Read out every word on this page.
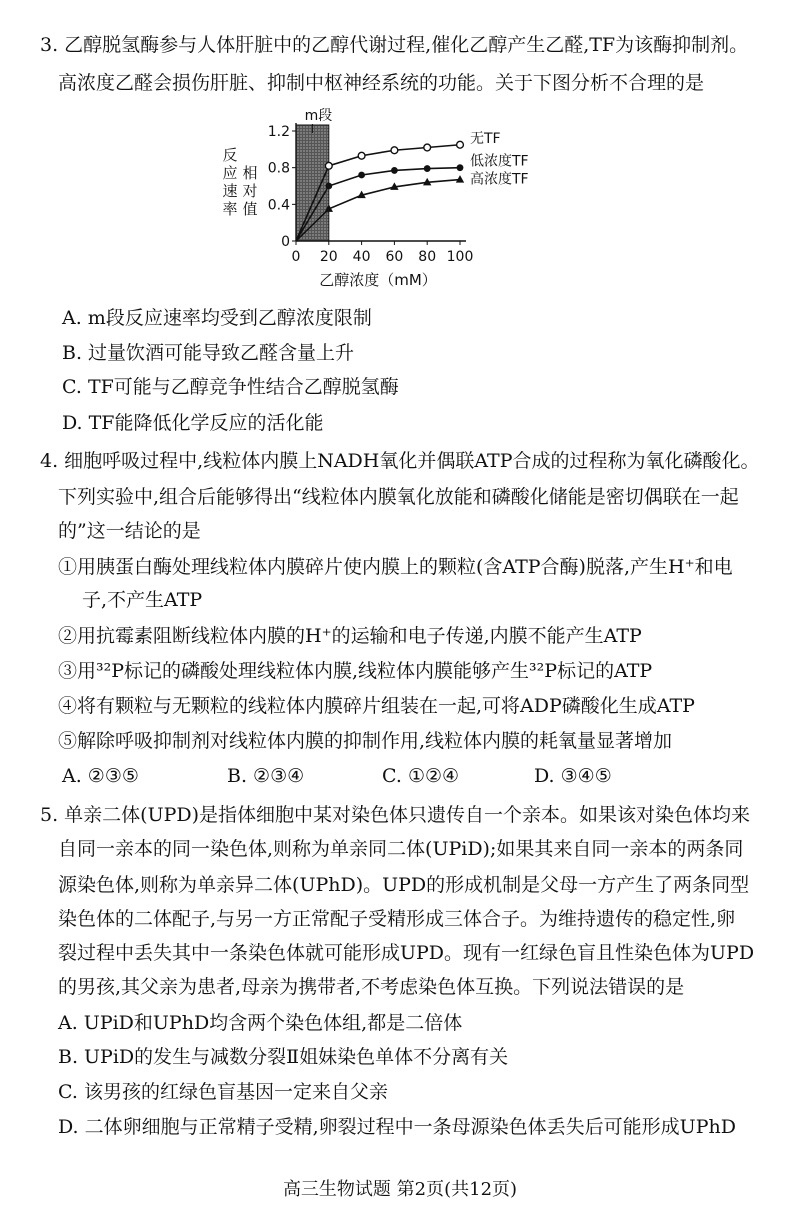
3. 乙醇脱氢酶参与人体肝脏中的乙醇代谢过程,催化乙醇产生乙醛,TF为该酶抑制剂。
高浓度乙醛会损伤肝脏、抑制中枢神经系统的功能。关于下图分析不合理的是
m段
0
0.4
0.8
1.2
0 20 40 60 80 100
乙醇浓度（mM）
反
应
速
率
相
对
值
无TF
低浓度TF
高浓度TF
A. m段反应速率均受到乙醇浓度限制
B. 过量饮酒可能导致乙醛含量上升
C. TF可能与乙醇竞争性结合乙醇脱氢酶
D. TF能降低化学反应的活化能
4. 细胞呼吸过程中,线粒体内膜上NADH氧化并偶联ATP合成的过程称为氧化磷酸化。
下列实验中,组合后能够得出“线粒体内膜氧化放能和磷酸化储能是密切偶联在一起
的”这一结论的是
①用胰蛋白酶处理线粒体内膜碎片使内膜上的颗粒(含ATP合酶)脱落,产生H⁺和电
子,不产生ATP
②用抗霉素阻断线粒体内膜的H⁺的运输和电子传递,内膜不能产生ATP
③用³²P标记的磷酸处理线粒体内膜,线粒体内膜能够产生³²P标记的ATP
④将有颗粒与无颗粒的线粒体内膜碎片组装在一起,可将ADP磷酸化生成ATP
⑤解除呼吸抑制剂对线粒体内膜的抑制作用,线粒体内膜的耗氧量显著增加
A. ②③⑤	B. ②③④	C. ①②④	D. ③④⑤
5. 单亲二体(UPD)是指体细胞中某对染色体只遗传自一个亲本。如果该对染色体均来
自同一亲本的同一染色体,则称为单亲同二体(UPiD);如果其来自同一亲本的两条同
源染色体,则称为单亲异二体(UPhD)。UPD的形成机制是父母一方产生了两条同型
染色体的二体配子,与另一方正常配子受精形成三体合子。为维持遗传的稳定性,卵
裂过程中丢失其中一条染色体就可能形成UPD。现有一红绿色盲且性染色体为UPD
的男孩,其父亲为患者,母亲为携带者,不考虑染色体互换。下列说法错误的是
A. UPiD和UPhD均含两个染色体组,都是二倍体
B. UPiD的发生与减数分裂Ⅱ姐妹染色单体不分离有关
C. 该男孩的红绿色盲基因一定来自父亲
D. 二体卵细胞与正常精子受精,卵裂过程中一条母源染色体丢失后可能形成UPhD
高三生物试题 第2页(共12页)
